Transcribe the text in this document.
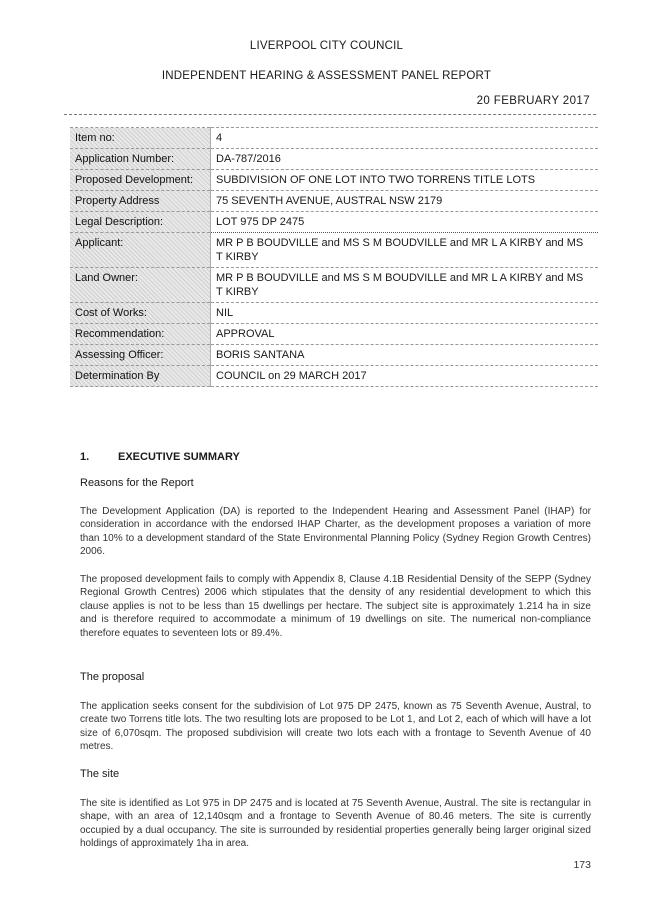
LIVERPOOL CITY COUNCIL
INDEPENDENT HEARING & ASSESSMENT PANEL REPORT
20 FEBRUARY 2017
Item no:	4
Application Number:	DA-787/2016
Proposed Development:	SUBDIVISION OF ONE LOT INTO TWO TORRENS TITLE LOTS
Property Address	75 SEVENTH AVENUE, AUSTRAL NSW 2179
Legal Description:	LOT 975 DP 2475
Applicant:	MR P B BOUDVILLE and MS S M BOUDVILLE and MR L A KIRBY and MS T KIRBY
Land Owner:	MR P B BOUDVILLE and MS S M BOUDVILLE and MR L A KIRBY and MS T KIRBY
Cost of Works:	NIL
Recommendation:	APPROVAL
Assessing Officer:	BORIS SANTANA
Determination By	COUNCIL on 29 MARCH 2017
1.	EXECUTIVE SUMMARY
Reasons for the Report
The Development Application (DA) is reported to the Independent Hearing and Assessment Panel (IHAP) for consideration in accordance with the endorsed IHAP Charter, as the development proposes a variation of more than 10% to a development standard of the State Environmental Planning Policy (Sydney Region Growth Centres) 2006.
The proposed development fails to comply with Appendix 8, Clause 4.1B Residential Density of the SEPP (Sydney Regional Growth Centres) 2006 which stipulates that the density of any residential development to which this clause applies is not to be less than 15 dwellings per hectare. The subject site is approximately 1.214 ha in size and is therefore required to accommodate a minimum of 19 dwellings on site. The numerical non-compliance therefore equates to seventeen lots or 89.4%.
The proposal
The application seeks consent for the subdivision of Lot 975 DP 2475, known as 75 Seventh Avenue, Austral, to create two Torrens title lots. The two resulting lots are proposed to be Lot 1, and Lot 2, each of which will have a lot size of 6,070sqm. The proposed subdivision will create two lots each with a frontage to Seventh Avenue of 40 metres.
The site
The site is identified as Lot 975 in DP 2475 and is located at 75 Seventh Avenue, Austral. The site is rectangular in shape, with an area of 12,140sqm and a frontage to Seventh Avenue of 80.46 meters. The site is currently occupied by a dual occupancy. The site is surrounded by residential properties generally being larger original sized holdings of approximately 1ha in area.
173
